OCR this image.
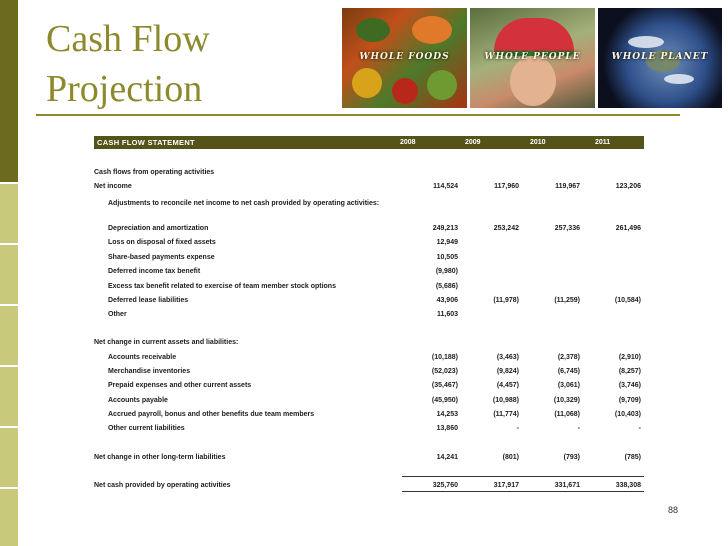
Cash Flow
Projection
WHOLE FOODS	WHOLE PEOPLE	WHOLE PLANET
CASH FLOW STATEMENT	2008	2009	2010	2011
Cash flows from operating activities
Net income	114,524	117,960	119,967	123,206
Adjustments to reconcile net income to net cash provided by operating activities:
Depreciation and amortization	249,213	253,242	257,336	261,496
Loss on disposal of fixed assets	12,949
Share-based payments expense	10,505
Deferred income tax benefit	(9,980)
Excess tax benefit related to exercise of team member stock options	(5,686)
Deferred lease liabilities	43,906	(11,978)	(11,259)	(10,584)
Other	11,603
Net change in current assets and liabilities:
Accounts receivable	(10,188)	(3,463)	(2,378)	(2,910)
Merchandise inventories	(52,023)	(9,824)	(6,745)	(8,257)
Prepaid expenses and other current assets	(35,467)	(4,457)	(3,061)	(3,746)
Accounts payable	(45,950)	(10,988)	(10,329)	(9,709)
Accrued payroll, bonus and other benefits due team members	14,253	(11,774)	(11,068)	(10,403)
Other current liabilities	13,860	-	-	-
Net change in other long-term liabilities	14,241	(801)	(793)	(785)
Net cash provided by operating activities	325,760	317,917	331,671	338,308
88
